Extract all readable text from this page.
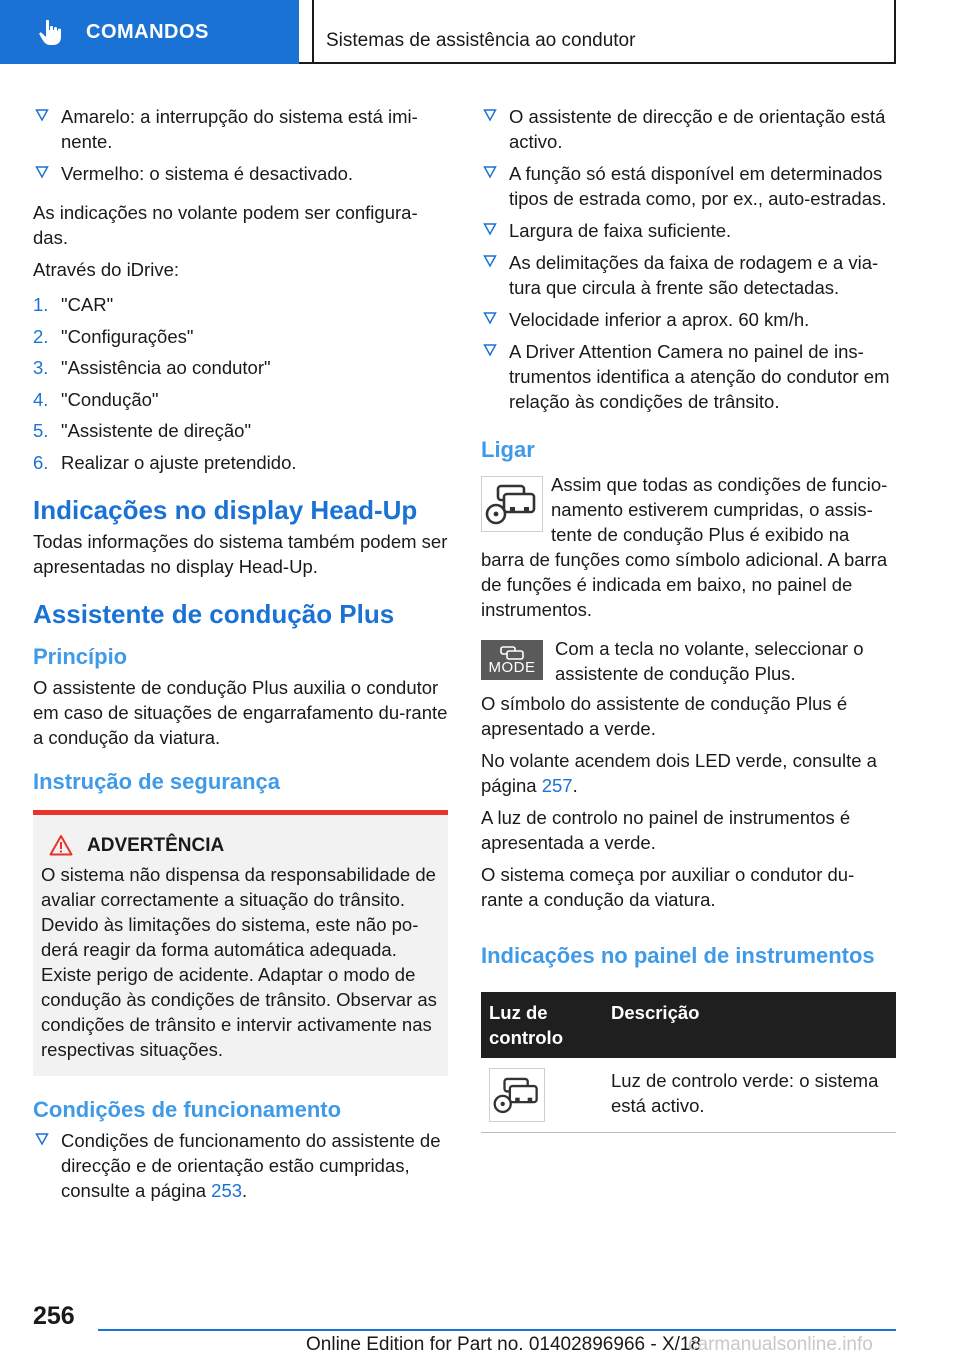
COMANDOS	Sistemas de assistência ao condutor
Amarelo: a interrupção do sistema está imi-nente.
Vermelho: o sistema é desactivado.

As indicações no volante podem ser configura-das.

Através do iDrive:

1. "CAR"
2. "Configurações"
3. "Assistência ao condutor"
4. "Condução"
5. "Assistente de direção"
6. Realizar o ajuste pretendido.
Indicações no display Head-Up

Todas informações do sistema também podem ser apresentadas no display Head-Up.

Assistente de condução Plus
Princípio

O assistente de condução Plus auxilia o condutor em caso de situações de engarrafamento du-rante a condução da viatura.

Instrução de segurança
ADVERTÊNCIA

O sistema não dispensa da responsabilidade de avaliar correctamente a situação do trânsito. Devido às limitações do sistema, este não po-derá reagir da forma automática adequada. Existe perigo de acidente. Adaptar o modo de condução às condições de trânsito. Observar as condições de trânsito e intervir activamente nas respectivas situações.

Condições de funcionamento
Condições de funcionamento do assistente de direcção e de orientação estão cumpridas, consulte a página 253.
O assistente de direcção e de orientação está activo.
A função só está disponível em determinados tipos de estrada como, por ex., auto-estradas.
Largura de faixa suficiente.
As delimitações da faixa de rodagem e a via-tura que circula à frente são detectadas.
Velocidade inferior a aprox. 60 km/h.
A Driver Attention Camera no painel de ins-trumentos identifica a atenção do condutor em relação às condições de trânsito.
Ligar

Assim que todas as condições de funcio-namento estiverem cumpridas, o assis-tente de condução Plus é exibido na barra de funções como símbolo adicional. A barra de funções é indicada em baixo, no painel de instrumentos.

MODE

Com a tecla no volante, seleccionar o assistente de condução Plus.

O símbolo do assistente de condução Plus é apresentado a verde.

No volante acendem dois LED verde, consulte a página 257.

A luz de controlo no painel de instrumentos é apresentada a verde.

O sistema começa por auxiliar o condutor du-rante a condução da viatura.

Indicações no painel de instrumentos
Luz de controlo	Descrição

	Luz de controlo verde: o sistema está activo.
256
Online Edition for Part no. 01402896966 - X/18
carmanualsonline.info
